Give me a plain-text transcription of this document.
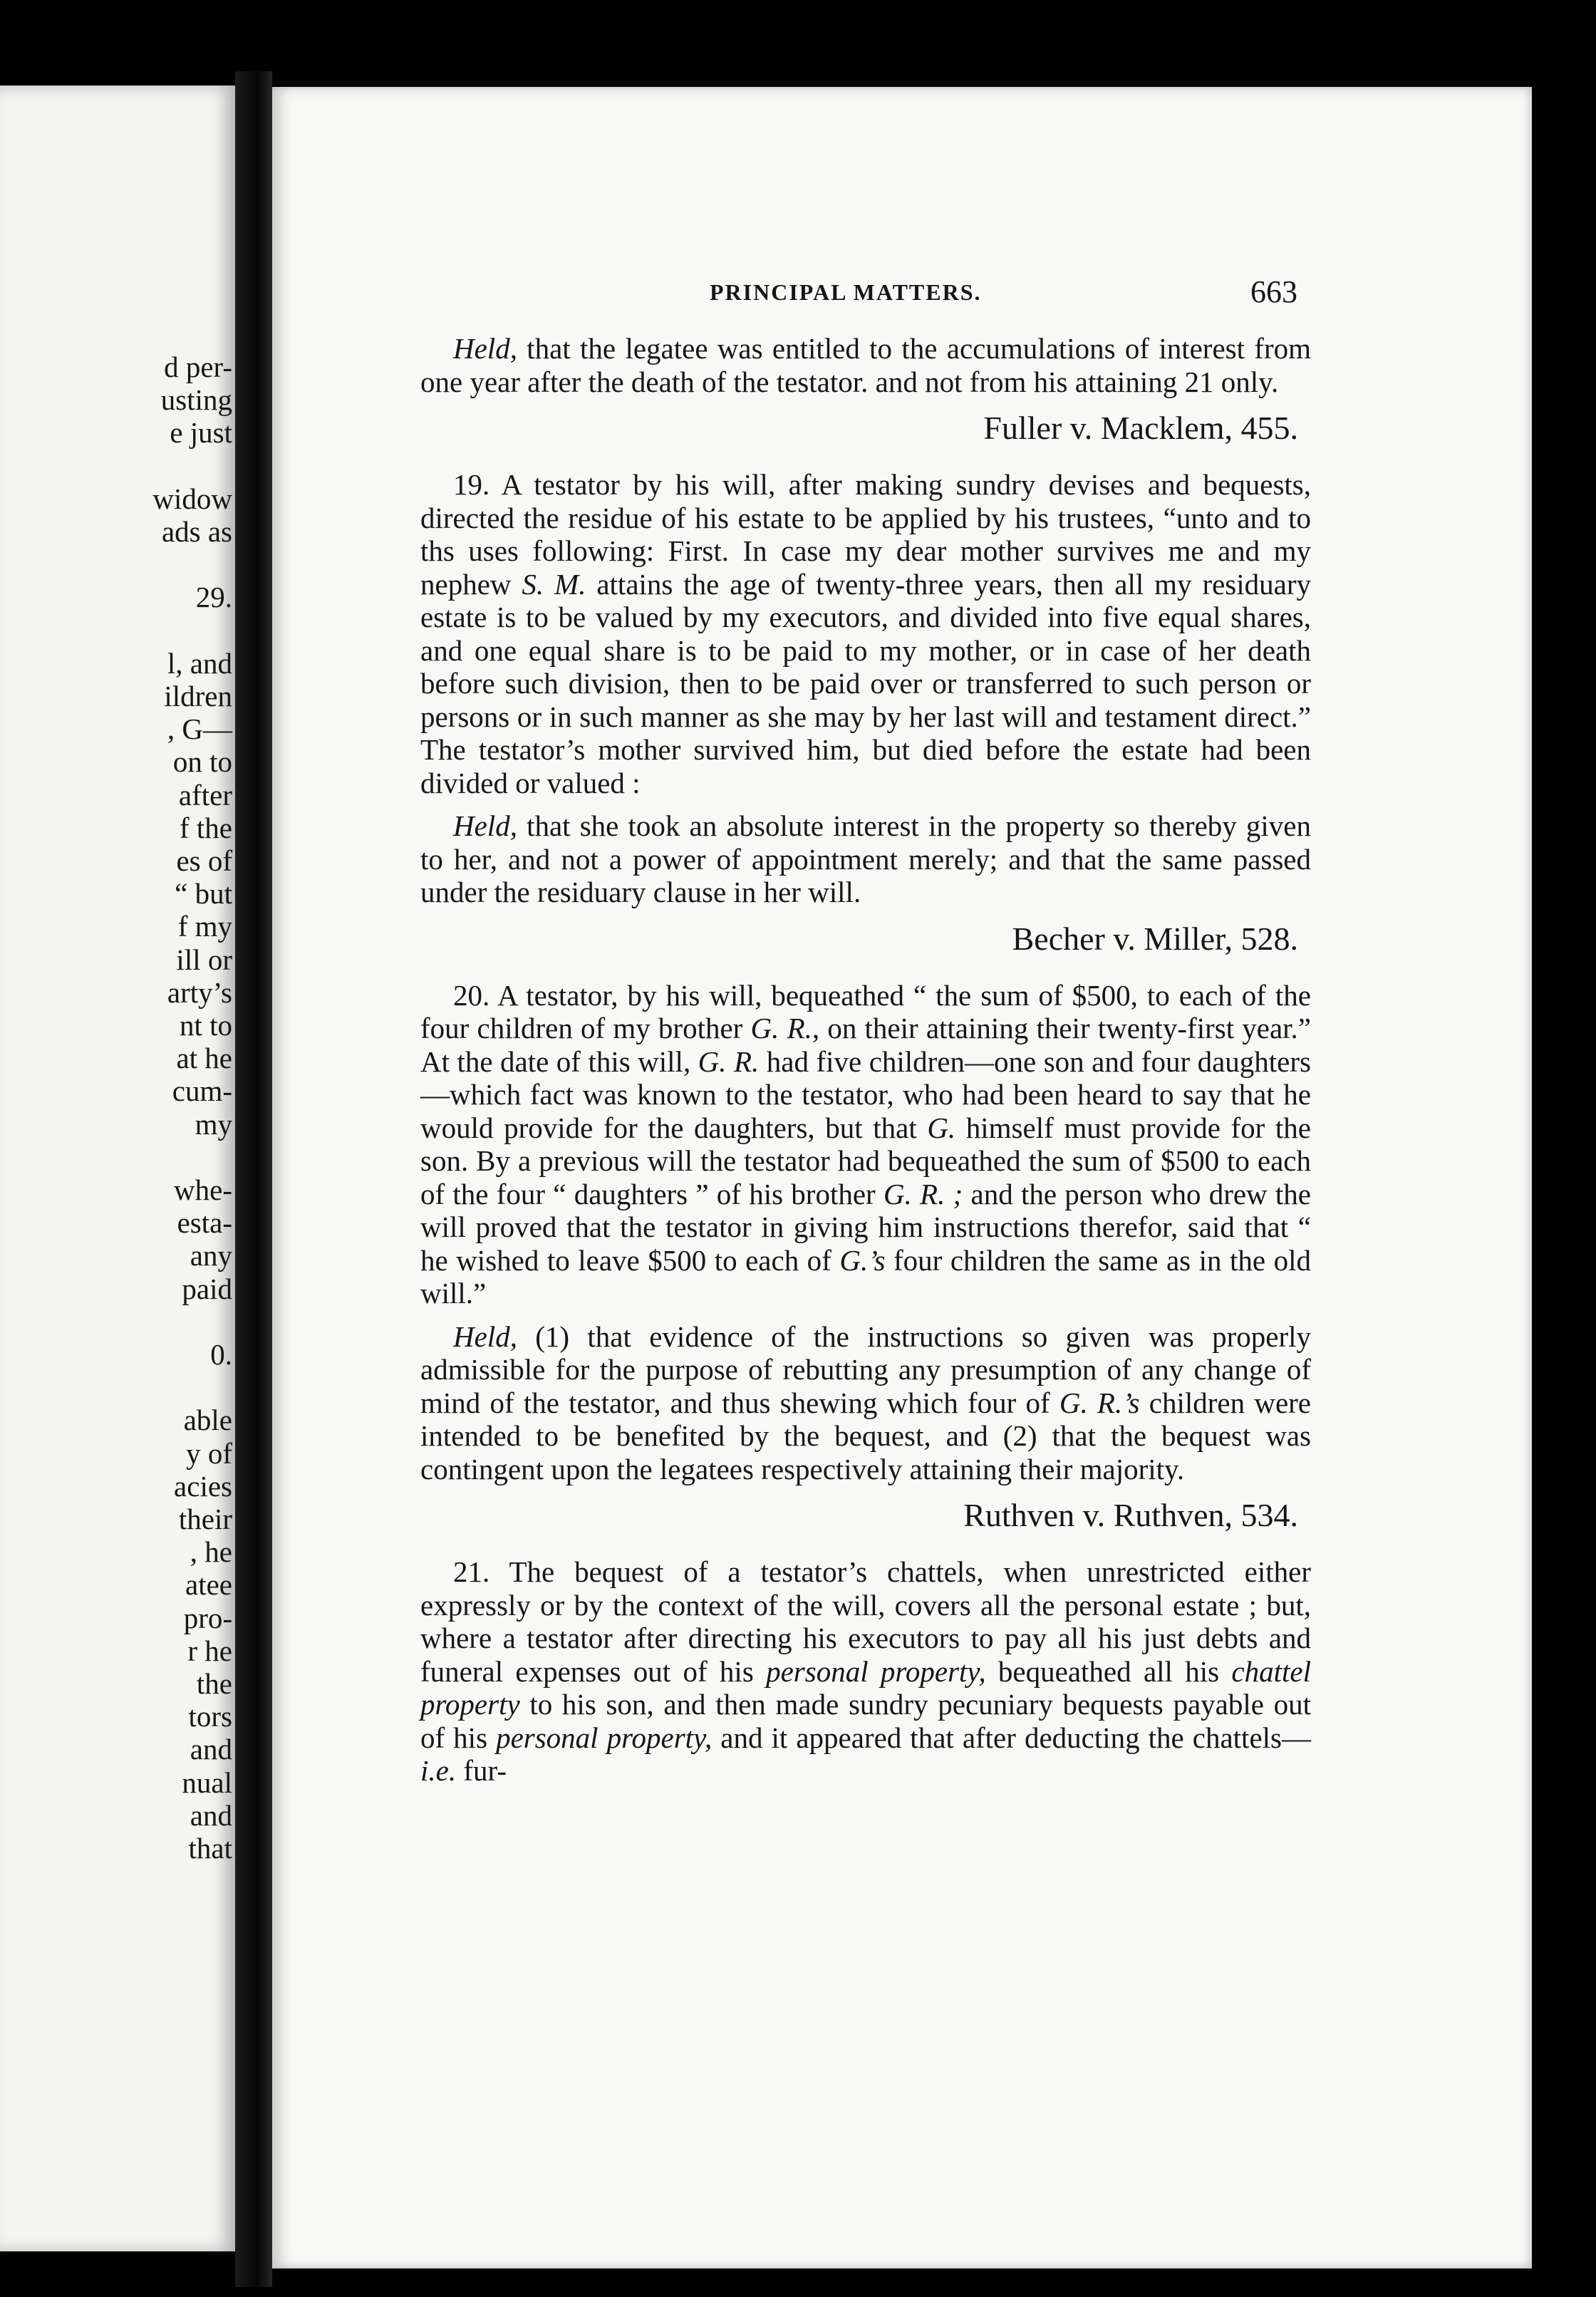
d per-
usting
e just
widow
ads as
29.
l, and
ildren
, G—
on to
after
f the
es of
“ but
f my
ill or
arty’s
nt to
at he
cum-
my
whe-
esta-
any
paid
0.
able
y of
acies
their
, he
atee
pro-
r he
the
tors
and
nual
and
that
PRINCIPAL MATTERS.	663

Held, that the legatee was entitled to the accumulations of interest from one year after the death of the testator. and not from his attaining 21 only.

Fuller v. Macklem, 455.

19. A testator by his will, after making sundry devises and bequests, directed the residue of his estate to be applied by his trustees, “unto and to ths uses following: First. In case my dear mother survives me and my nephew S. M. attains the age of twenty-three years, then all my residuary estate is to be valued by my executors, and divided into five equal shares, and one equal share is to be paid to my mother, or in case of her death before such division, then to be paid over or transferred to such person or persons or in such manner as she may by her last will and testament direct.” The testator’s mother survived him, but died before the estate had been divided or valued :

Held, that she took an absolute interest in the property so thereby given to her, and not a power of appointment merely; and that the same passed under the residuary clause in her will.

Becher v. Miller, 528.

20. A testator, by his will, bequeathed “ the sum of $500, to each of the four children of my brother G. R., on their attaining their twenty-first year.” At the date of this will, G. R. had five children—one son and four daughters—which fact was known to the testator, who had been heard to say that he would provide for the daughters, but that G. himself must provide for the son. By a previous will the testator had bequeathed the sum of $500 to each of the four “ daughters ” of his brother G. R. ; and the person who drew the will proved that the testator in giving him instructions therefor, said that “ he wished to leave $500 to each of G.’s four children the same as in the old will.”

Held, (1) that evidence of the instructions so given was properly admissible for the purpose of rebutting any presumption of any change of mind of the testator, and thus shewing which four of G. R.’s children were intended to be benefited by the bequest, and (2) that the bequest was contingent upon the legatees respectively attaining their majority.

Ruthven v. Ruthven, 534.

21. The bequest of a testator’s chattels, when unrestricted either expressly or by the context of the will, covers all the personal estate ; but, where a testator after directing his executors to pay all his just debts and funeral expenses out of his personal property, bequeathed all his chattel property to his son, and then made sundry pecuniary bequests payable out of his personal property, and it appeared that after deducting the chattels—i.e. fur-
